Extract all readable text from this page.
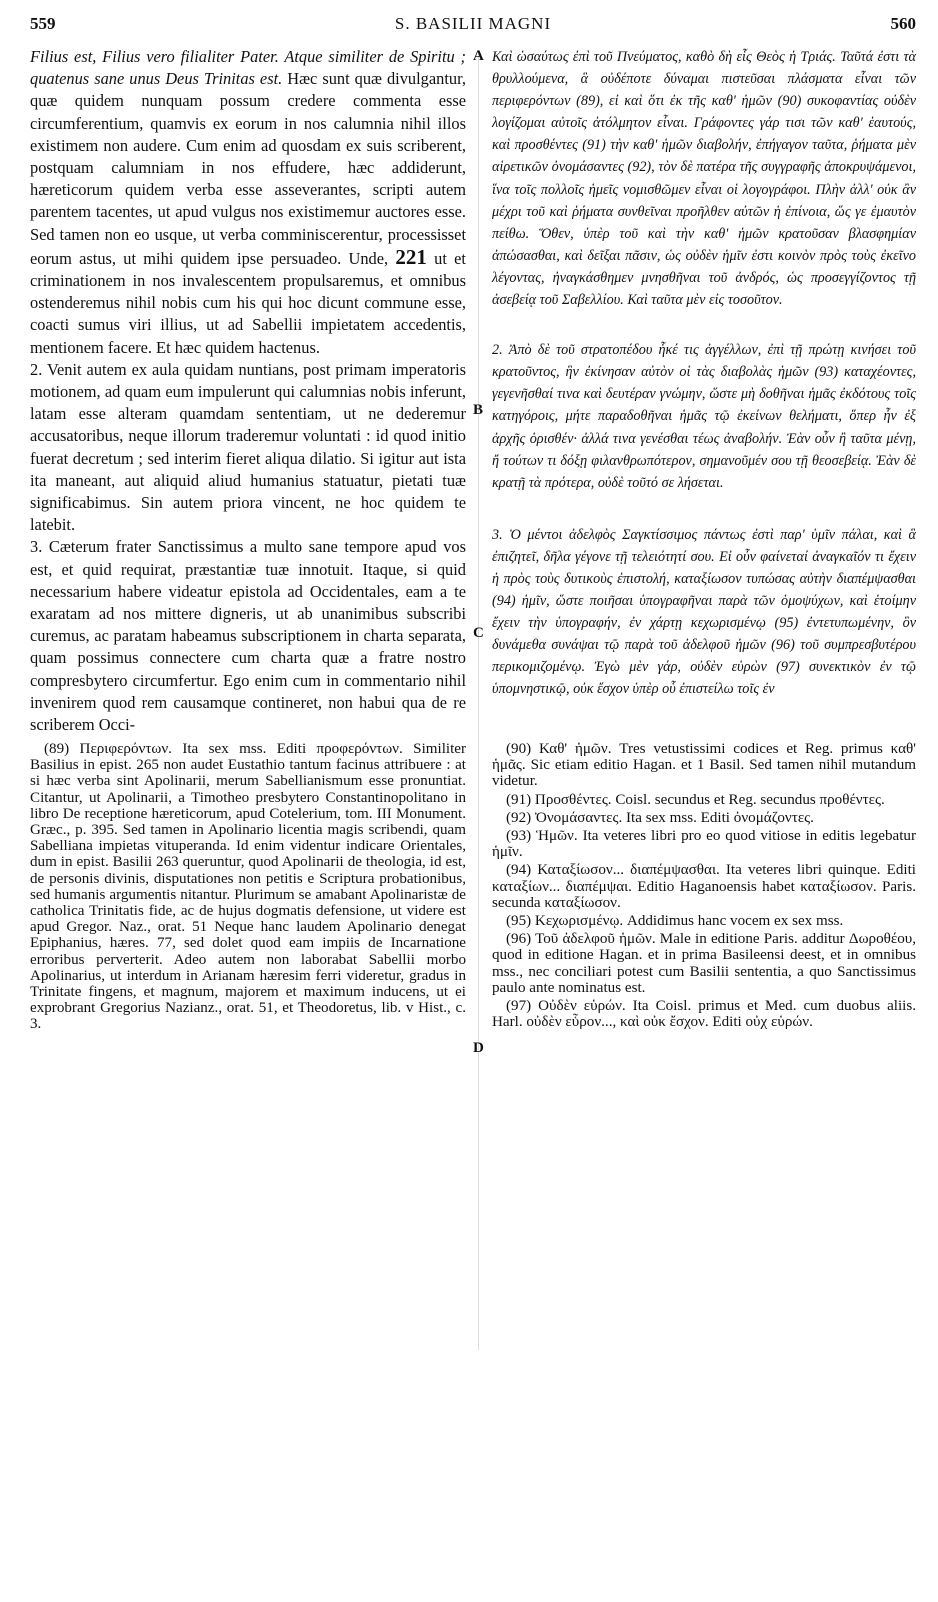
559	S. BASILII MAGNI	560
A
B
C
D

Filius est, Filius vero filialiter Pater. Atque similiter de Spiritu ; quatenus sane unus Deus Trinitas est. Hæc sunt quæ divulgantur, quæ quidem nunquam possum credere commenta esse circumferentium, quamvis ex eorum in nos calumnia nihil illos existimem non audere. Cum enim ad quosdam ex suis scriberent, postquam calumniam in nos effudere, hæc addiderunt, hæreticorum quidem verba esse asseverantes, scripti autem parentem tacentes, ut apud vulgus nos existimemur auctores esse. Sed tamen non eo usque, ut verba comminiscerentur, processisset eorum astus, ut mihi quidem ipse persuadeo. Unde, 221 ut et criminationem in nos invalescentem propulsaremus, et omnibus ostenderemus nihil nobis cum his qui hoc dicunt commune esse, coacti sumus viri illius, ut ad Sabellii impietatem accedentis, mentionem facere. Et hæc quidem hactenus.

2. Venit autem ex aula quidam nuntians, post primam imperatoris motionem, ad quam eum impulerunt qui calumnias nobis inferunt, latam esse alteram quamdam sententiam, ut ne dederemur accusatoribus, neque illorum traderemur voluntati : id quod initio fuerat decretum ; sed interim fieret aliqua dilatio. Si igitur aut ista ita maneant, aut aliquid aliud humanius statuatur, pietati tuæ significabimus. Sin autem priora vincent, ne hoc quidem te latebit.

3. Cæterum frater Sanctissimus a multo sane tempore apud vos est, et quid requirat, præstantiæ tuæ innotuit. Itaque, si quid necessarium habere videatur epistola ad Occidentales, eam a te exaratam ad nos mittere digneris, ut ab unanimibus subscribi curemus, ac paratam habeamus subscriptionem in charta separata, quam possimus connectere cum charta quæ a fratre nostro compresbytero circumfertur. Ego enim cum in commentario nihil invenirem quod rem causamque contineret, non habui qua de re scriberem Occi-

Καὶ ὡσαύτως ἐπὶ τοῦ Πνεύματος, καθὸ δὴ εἷς Θεὸς ἡ Τριάς. Ταῦτά ἐστι τὰ θρυλλούμενα, ἃ οὐδέποτε δύναμαι πιστεῦσαι πλάσματα εἶναι τῶν περιφερόντων (89), εἰ καὶ ὅτι ἐκ τῆς καθ' ἡμῶν (90) συκοφαντίας οὐδὲν λογίζομαι αὐτοῖς ἀτόλμητον εἶναι. Γράφοντες γάρ τισι τῶν καθ' ἑαυτούς, καὶ προσθέντες (91) τὴν καθ' ἡμῶν διαβολήν, ἐπήγαγον ταῦτα, ῥήματα μὲν αἱρετικῶν ὀνομάσαντες (92), τὸν δὲ πατέρα τῆς συγγραφῆς ἀποκρυψάμενοι, ἵνα τοῖς πολλοῖς ἡμεῖς νομισθῶμεν εἶναι οἱ λογογράφοι. Πλὴν ἀλλ' οὐκ ἂν μέχρι τοῦ καὶ ῥήματα συνθεῖναι προῆλθεν αὐτῶν ἡ ἐπίνοια, ὥς γε ἐμαυτὸν πείθω. Ὅθεν, ὑπὲρ τοῦ καὶ τὴν καθ' ἡμῶν κρατοῦσαν βλασφημίαν ἀπώσασθαι, καὶ δεῖξαι πᾶσιν, ὡς οὐδὲν ἡμῖν ἐστι κοινὸν πρὸς τοὺς ἐκεῖνο λέγοντας, ἠναγκάσθημεν μνησθῆναι τοῦ ἀνδρός, ὡς προσεγγίζοντος τῇ ἀσεβείᾳ τοῦ Σαβελλίου. Καὶ ταῦτα μὲν εἰς τοσοῦτον.

2. Ἀπὸ δὲ τοῦ στρατοπέδου ἧκέ τις ἀγγέλλων, ἐπὶ τῇ πρώτῃ κινήσει τοῦ κρατοῦντος, ἣν ἐκίνησαν αὐτὸν οἱ τὰς διαβολὰς ἡμῶν (93) καταχέοντες, γεγενῆσθαί τινα καὶ δευτέραν γνώμην, ὥστε μὴ δοθῆναι ἡμᾶς ἐκδότους τοῖς κατηγόροις, μήτε παραδοθῆναι ἡμᾶς τῷ ἐκείνων θελήματι, ὅπερ ἦν ἐξ ἀρχῆς ὁρισθέν· ἀλλά τινα γενέσθαι τέως ἀναβολήν. Ἐὰν οὖν ἢ ταῦτα μένῃ, ἤ τούτων τι δόξῃ φιλανθρωπότερον, σημανοῦμέν σου τῇ θεοσεβείᾳ. Ἐὰν δὲ κρατῇ τὰ πρότερα, οὐδὲ τοῦτό σε λήσεται.

3. Ὁ μέντοι ἀδελφὸς Σαγκτίσσιμος πάντως ἐστὶ παρ' ὑμῖν πάλαι, καὶ ἃ ἐπιζητεῖ, δῆλα γέγονε τῇ τελειότητί σου. Εἰ οὖν φαίνεταί ἀναγκαῖόν τι ἔχειν ἡ πρὸς τοὺς δυτικοὺς ἐπιστολή, καταξίωσον τυπώσας αὐτὴν διαπέμψασθαι (94) ἡμῖν, ὥστε ποιῆσαι ὑπογραφῆναι παρὰ τῶν ὁμοψύχων, καὶ ἑτοίμην ἔχειν τὴν ὑπογραφήν, ἐν χάρτῃ κεχωρισμένῳ (95) ἐντετυπωμένην, ὃν δυνάμεθα συνάψαι τῷ παρὰ τοῦ ἀδελφοῦ ἡμῶν (96) τοῦ συμπρεσβυτέρου περικομιζομένῳ. Ἐγὼ μὲν γάρ, οὐδὲν εὑρὼν (97) συνεκτικὸν ἐν τῷ ὑπομνηστικῷ, οὐκ ἔσχον ὑπὲρ οὗ ἐπιστείλω τοῖς ἐν

(89) Περιφερόντων. Ita sex mss. Editi προφερόντων. Similiter Basilius in epist. 265 non audet Eustathio tantum facinus attribuere : at si hæc verba sint Apolinarii, merum Sabellianismum esse pronuntiat. Citantur, ut Apolinarii, a Timotheo presbytero Constantinopolitano in libro De receptione hæreticorum, apud Cotelerium, tom. III Monument. Græc., p. 395. Sed tamen in Apolinario licentia magis scribendi, quam Sabelliana impietas vituperanda. Id enim videntur indicare Orientales, dum in epist. Basilii 263 queruntur, quod Apolinarii de theologia, id est, de personis divinis, disputationes non petitis e Scriptura probationibus, sed humanis argumentis nitantur. Plurimum se amabant Apolinaristæ de catholica Trinitatis fide, ac de hujus dogmatis defensione, ut videre est apud Gregor. Naz., orat. 51 Neque hanc laudem Apolinario denegat Epiphanius, hæres. 77, sed dolet quod eam impiis de Incarnatione erroribus perverterit. Adeo autem non laborabat Sabellii morbo Apolinarius, ut interdum in Arianam hæresim ferri videretur, gradus in Trinitate fingens, et magnum, majorem et maximum inducens, ut ei exprobrant Gregorius Nazianz., orat. 51, et Theodoretus, lib. v Hist., c. 3.

(90) Καθ' ἡμῶν. Tres vetustissimi codices et Reg. primus καθ' ἡμᾶς. Sic etiam editio Hagan. et 1 Basil. Sed tamen nihil mutandum videtur.

(91) Προσθέντες. Coisl. secundus et Reg. secundus προθέντες.

(92) Ὀνομάσαντες. Ita sex mss. Editi ὀνομάζοντες.

(93) Ἡμῶν. Ita veteres libri pro eo quod vitiose in editis legebatur ἡμῖν.

(94) Καταξίωσον... διαπέμψασθαι. Ita veteres libri quinque. Editi καταξίων... διαπέμψαι. Editio Haganoensis habet καταξίωσον. Paris. secunda καταξίωσον.

(95) Κεχωρισμένῳ. Addidimus hanc vocem ex sex mss.

(96) Τοῦ ἀδελφοῦ ἡμῶν. Male in editione Paris. additur Δωροθέου, quod in editione Hagan. et in prima Basileensi deest, et in omnibus mss., nec conciliari potest cum Basilii sententia, a quo Sanctissimus paulo ante nominatus est.

(97) Οὐδὲν εὑρών. Ita Coisl. primus et Med. cum duobus aliis. Harl. οὐδὲν εὗρον..., καὶ οὐκ ἔσχον. Editi οὐχ εὑρών.
